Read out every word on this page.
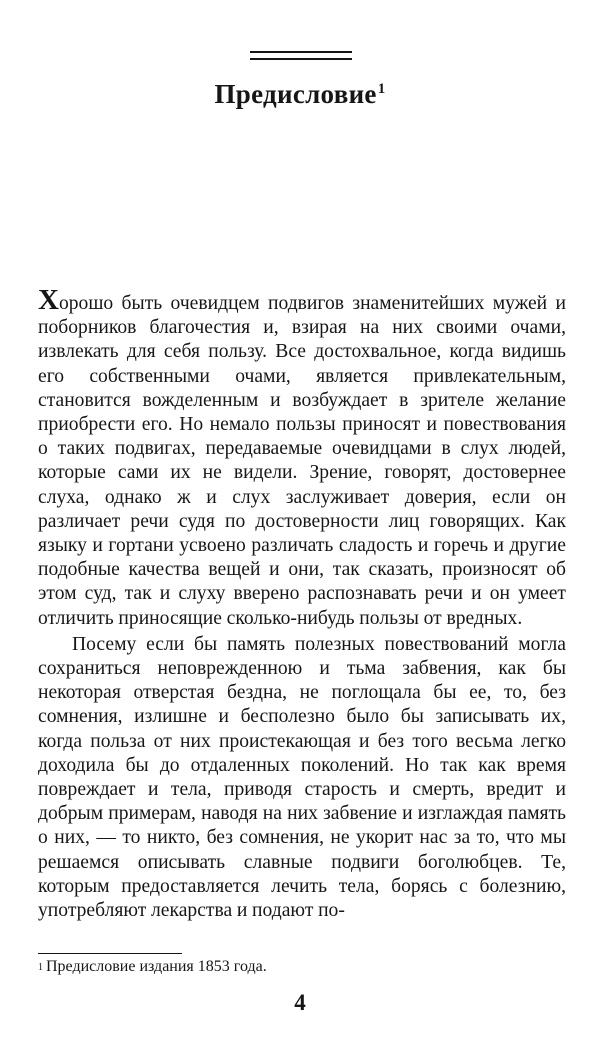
Предисловие$^1$

Хорошо быть очевидцем подвигов знаменитейших мужей и поборников благочестия и, взирая на них своими очами, извлекать для себя пользу. Все достохвальное, когда видишь его собственными очами, является привлекательным, становится вожделенным и возбуждает в зрителе желание приобрести его. Но немало пользы приносят и повествования о таких подвигах, передаваемые очевидцами в слух людей, которые сами их не видели. Зрение, говорят, достовернее слуха, однако ж и слух заслуживает доверия, если он различает речи судя по достоверности лиц говорящих. Как языку и гортани усвоено различать сладость и горечь и другие подобные качества вещей и они, так сказать, произносят об этом суд, так и слуху вверено распознавать речи и он умеет отличить приносящие сколько-нибудь пользы от вредных.

Посему если бы память полезных повествований могла сохраниться неповрежденною и тьма забвения, как бы некоторая отверстая бездна, не поглощала бы ее, то, без сомнения, излишне и бесполезно было бы записывать их, когда польза от них проистекающая и без того весьма легко доходила бы до отдаленных поколений. Но так как время повреждает и тела, приводя старость и смерть, вредит и добрым примерам, наводя на них забвение и изглаждая память о них, — то никто, без сомнения, не укорит нас за то, что мы решаемся описывать славные подвиги боголюбцев. Те, которым предоставляется лечить тела, борясь с болезнию, употребляют лекарства и подают по-

$^1$ Предисловие издания 1853 года.
4
